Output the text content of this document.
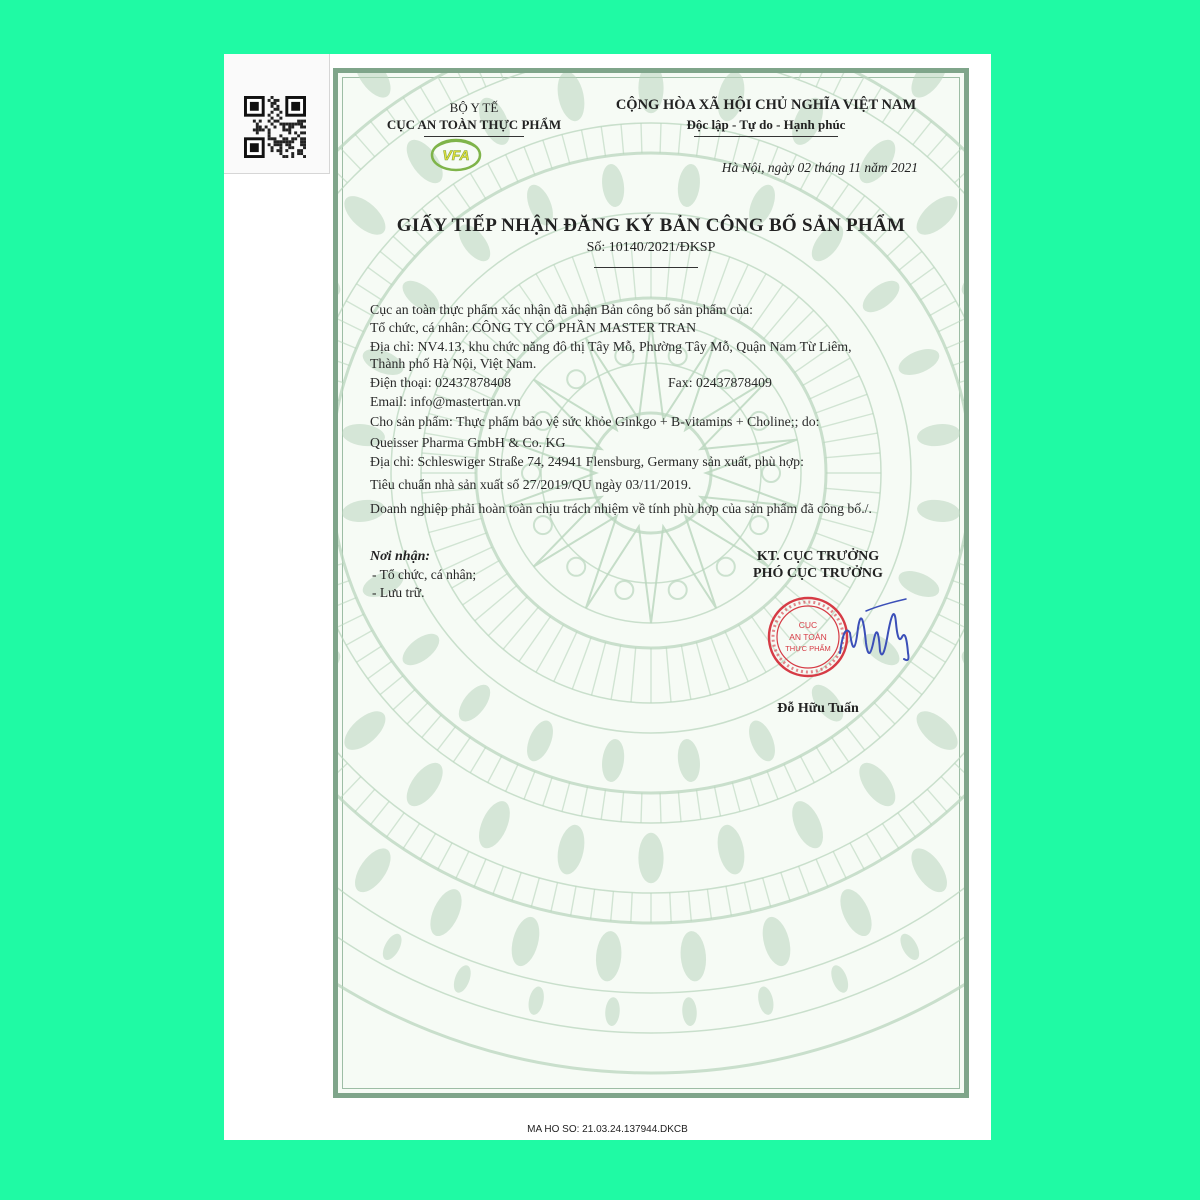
BỘ Y TẾ
CỤC AN TOÀN THỰC PHẨM
VFA
CỘNG HÒA XÃ HỘI CHỦ NGHĨA VIỆT NAM
Độc lập - Tự do - Hạnh phúc
Hà Nội, ngày 02 tháng 11 năm 2021
GIẤY TIẾP NHẬN ĐĂNG KÝ BẢN CÔNG BỐ SẢN PHẨM
Số: 10140/2021/ĐKSP
Cục an toàn thực phẩm xác nhận đã nhận Bản công bố sản phẩm của:
Tổ chức, cá nhân: CÔNG TY CỔ PHẦN MASTER TRAN
Địa chỉ: NV4.13, khu chức năng đô thị Tây Mỗ, Phường Tây Mỗ, Quận Nam Từ Liêm,
Thành phố Hà Nội, Việt Nam.
Điện thoại: 02437878408	Fax: 02437878409
Email: info@mastertran.vn
Cho sản phẩm: Thực phẩm bảo vệ sức khỏe Ginkgo + B-vitamins + Choline;; do:
Queisser Pharma GmbH & Co. KG
Địa chỉ: Schleswiger Straße 74, 24941 Flensburg, Germany sản xuất, phù hợp:
Tiêu chuẩn nhà sản xuất số 27/2019/QU ngày 03/11/2019.
Doanh nghiệp phải hoàn toàn chịu trách nhiệm về tính phù hợp của sản phẩm đã công bố./.
Nơi nhận:
- Tổ chức, cá nhân;
- Lưu trữ.
KT. CỤC TRƯỞNG
PHÓ CỤC TRƯỞNG
CỤC
AN TOÀN
THỰC PHẨM
Đỗ Hữu Tuấn
MA HO SO: 21.03.24.137944.DKCB
